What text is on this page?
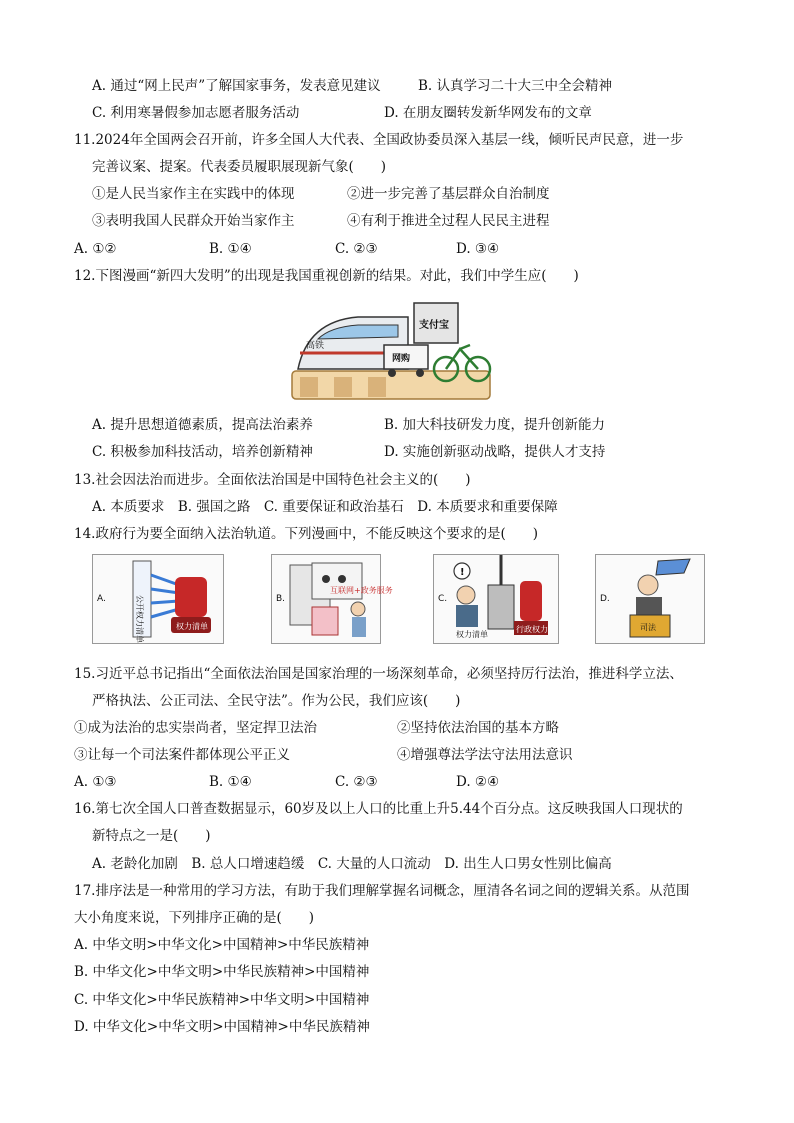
A. 通过“网上民声”了解国家事务，发表意见建议	B. 认真学习二十大三中全会精神
C. 利用寒暑假参加志愿者服务活动	D. 在朋友圈转发新华网发布的文章
11.2024年全国两会召开前，许多全国人大代表、全国政协委员深入基层一线，倾听民声民意，进一步
完善议案、提案。代表委员履职展现新气象(　　)
①是人民当家作主在实践中的体现	②进一步完善了基层群众自治制度
③表明我国人民群众开始当家作主	④有利于推进全过程人民民主进程
A. ①②	B. ①④	C. ②③	D. ③④
12.下图漫画“新四大发明”的出现是我国重视创新的结果。对此，我们中学生应(　　)
高铁
支付宝
网购
A. 提升思想道德素质，提高法治素养	B. 加大科技研发力度，提升创新能力
C. 积极参加科技活动，培养创新精神	D. 实施创新驱动战略，提供人才支持
13.社会因法治而进步。全面依法治国是中国特色社会主义的(　　)
A. 本质要求　B. 强国之路　C. 重要保证和政治基石　D. 本质要求和重要保障
14.政府行为要全面纳入法治轨道。下列漫画中，不能反映这个要求的是(　　)
A.	公开权力清单	权力清单
B.
互联网+政务服务
C.
!
权力清单
行政权力
D.
司法
15.习近平总书记指出“全面依法治国是国家治理的一场深刻革命，必须坚持厉行法治，推进科学立法、
严格执法、公正司法、全民守法”。作为公民，我们应该(　　)
①成为法治的忠实崇尚者，坚定捍卫法治	②坚持依法治国的基本方略
③让每一个司法案件都体现公平正义	④增强尊法学法守法用法意识
A. ①③	B. ①④	C. ②③	D. ②④
16.第七次全国人口普查数据显示，60岁及以上人口的比重上升5.44个百分点。这反映我国人口现状的
新特点之一是(　　)
A. 老龄化加剧　B. 总人口增速趋缓　C. 大量的人口流动　D. 出生人口男女性别比偏高
17.排序法是一种常用的学习方法，有助于我们理解掌握名词概念，厘清各名词之间的逻辑关系。从范围
大小角度来说，下列排序正确的是(　　)
A. 中华文明>中华文化>中国精神>中华民族精神
B. 中华文化>中华文明>中华民族精神>中国精神
C. 中华文化>中华民族精神>中华文明>中国精神
D. 中华文化>中华文明>中国精神>中华民族精神
